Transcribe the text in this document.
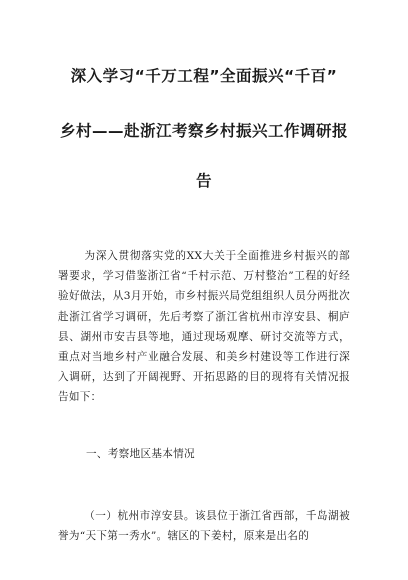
深入学习“千万工程”全面振兴“千百”
乡村——赴浙江考察乡村振兴工作调研报
告
为深入贯彻落实党的XX大关于全面推进乡村振兴的部署要求，学习借鉴浙江省“千村示范、万村整治”工程的好经验好做法，从3月开始，市乡村振兴局党组组织人员分两批次赴浙江省学习调研，先后考察了浙江省杭州市淳安县、桐庐县、湖州市安吉县等地，通过现场观摩、研讨交流等方式，重点对当地乡村产业融合发展、和美乡村建设等工作进行深入调研，达到了开阔视野、开拓思路的目的现将有关情况报告如下：
一、考察地区基本情况
（一）杭州市淳安县。该县位于浙江省西部，千岛湖被誉为“天下第一秀水”。辖区的下姜村，原来是出名的
